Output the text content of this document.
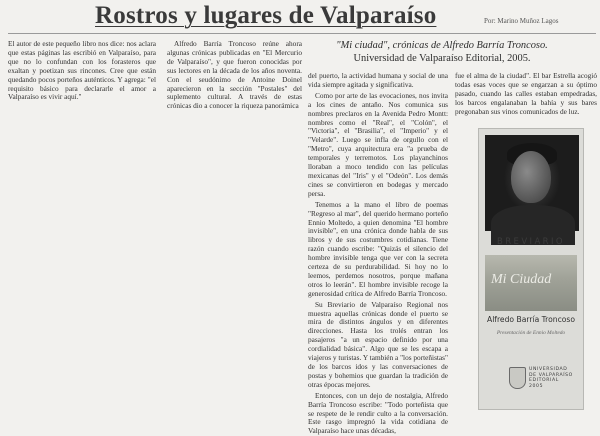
Rostros y lugares de Valparaíso	Por: Marino Muñoz Lagos

El autor de este pequeño libro nos dice: nos aclara que estas páginas las escribió en Valparaíso, para que no lo confundan con los forasteros que exaltan y poetizan sus rincones. Cree que están quedando pocos porteños auténticos. Y agrega: "el requisito básico para declararle el amor a Valparaíso es vivir aquí."

Alfredo Barría Troncoso reúne ahora algunas crónicas publicadas en "El Mercurio de Valparaíso", y que fueron conocidas por sus lectores en la década de los años noventa. Con el seudónimo de Antoine Doinel aparecieron en la sección "Postales" del suplemento cultural. A través de estas crónicas dio a conocer la riqueza panorámica

"Mi ciudad", crónicas de Alfredo Barría Troncoso.
Universidad de Valparaíso Editorial, 2005.

del puerto, la actividad humana y social de una vida siempre agitada y significativa.

Como por arte de las evocaciones, nos invita a los cines de antaño. Nos comunica sus nombres preclaros en la Avenida Pedro Montt: nombres como el "Real", el "Colón", el "Victoria", el "Brasilia", el "Imperio" y el "Velarde". Luego se infla de orgullo con el "Metro", cuya arquitectura era "a prueba de temporales y terremotos. Los playanchinos lloraban a moco tendido con las películas mexicanas del "Iris" y el "Odeón". Los demás cines se convirtieron en bodegas y mercado persa.

Tenemos a la mano el libro de poemas "Regreso al mar", del querido hermano porteño Ennio Moltedo, a quien denomina "El hombre invisible", en una crónica donde habla de sus libros y de sus costumbres cotidianas. Tiene razón cuando escribe: "Quizás el silencio del hombre invisible tenga que ver con la secreta certeza de su perdurabilidad. Si hoy no lo leemos, perdemos nosotros, porque mañana otros lo leerán". El hombre invisible recoge la generosidad crítica de Alfredo Barría Troncoso.

Su Breviario de Valparaíso Regional nos muestra aquellas crónicas donde el puerto se mira de distintos ángulos y en diferentes direcciones. Hasta los trolés entran los pasajeros "a un espacio definido por una cordialidad básica". Algo que se les escapa a viajeros y turistas. Y también a "los porteñistas" de los barcos idos y las conversaciones de postas y bohemios que guardan la tradición de otras épocas mejores.

Entonces, con un dejo de nostalgia, Alfredo Barría Troncoso escribe: "Todo porteñista que se respete de le rendir culto a la conversación. Este rasgo impregnó la vida cotidiana de Valparaíso hace unas décadas,

fue el alma de la ciudad". El bar Estrella acogió todas esas voces que se engarzan a su óptimo pasado, cuando las calles estaban empedradas, los barcos engalanaban la bahía y sus bares pregonaban sus vinos comunicados de luz.

BREVIARIO
Mi Ciudad
Alfredo Barría Troncoso
Presentación de Ennio Moltedo
UNIVERSIDAD
DE VALPARAÍSO
EDITORIAL
2005
